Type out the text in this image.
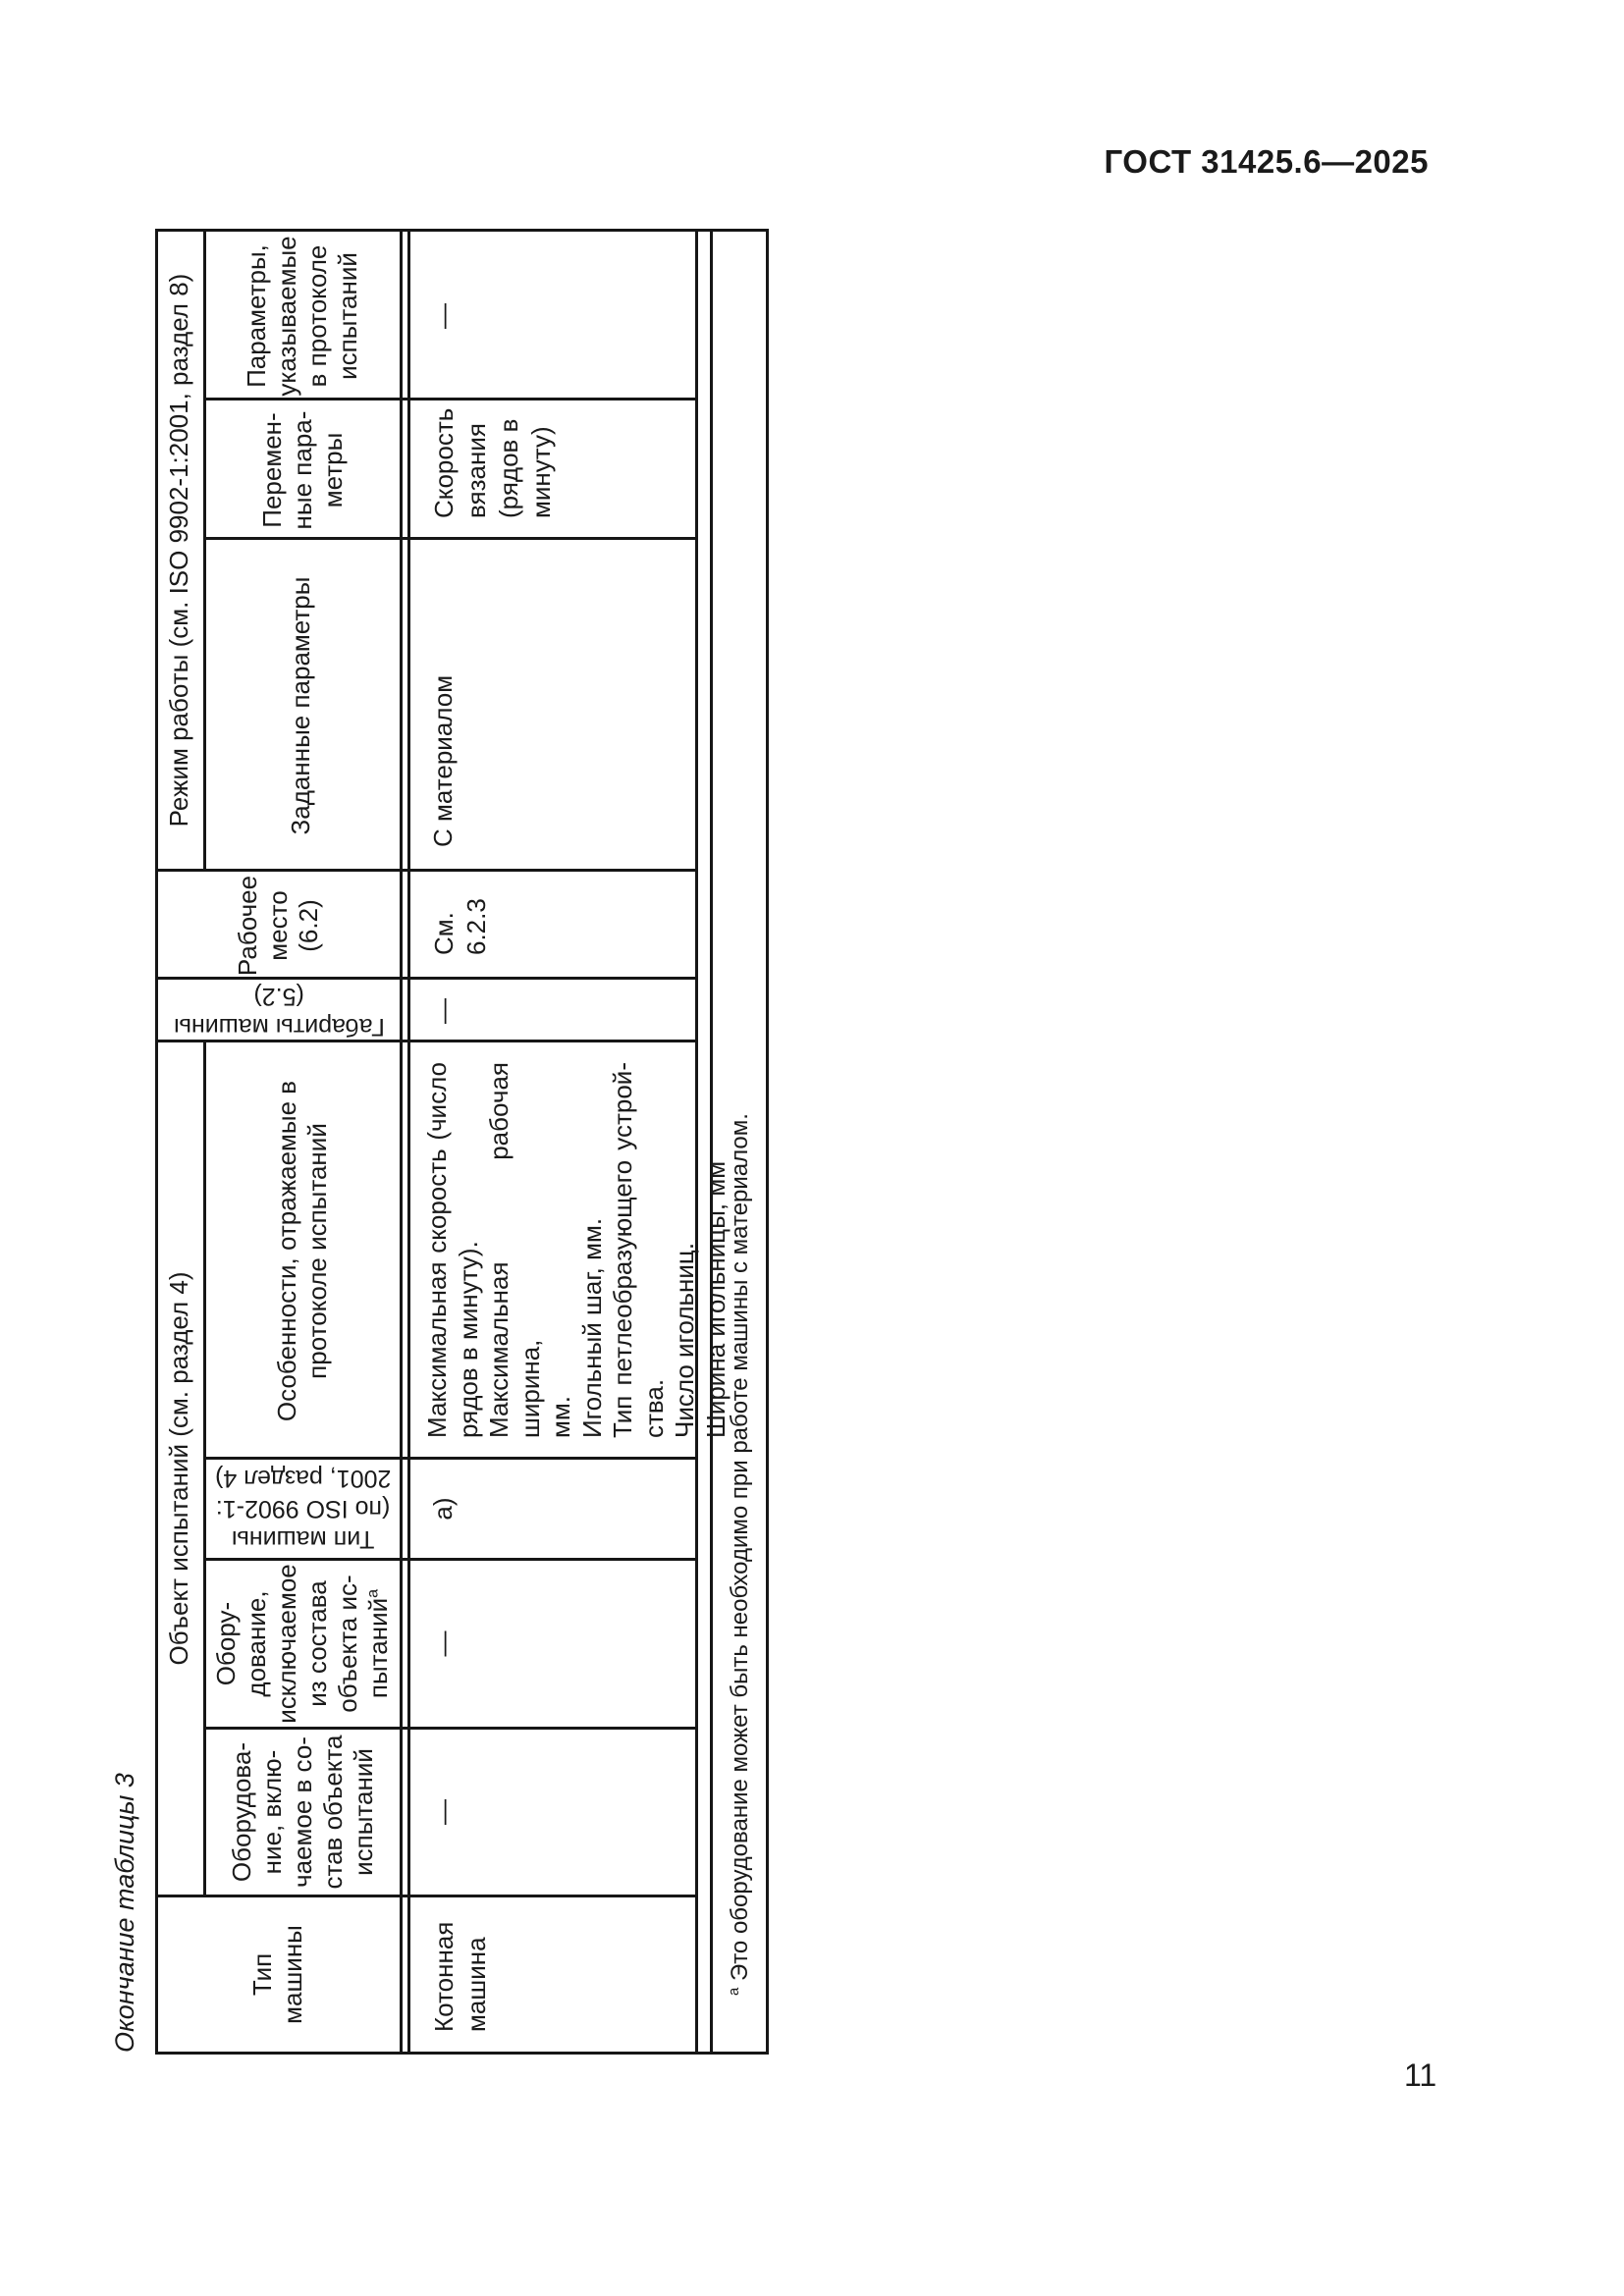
ГОСТ 31425.6—2025
11
Окончание таблицы 3
Объект испытаний (см. раздел 4)
Режим работы (см. ISO 9902-1:2001, раздел 8)
Тип машины
Оборудова- ние, вклю- чаемое в со- став объекта испытаний
Обору- дование, исключаемое из состава объекта ис- пытаний$^а$
Тип машины
(по ISO 9902-1:
2001, раздел 4)
Особенности, отражаемые в протоколе испытаний
Габариты машины
(5.2)
Рабочее место (6.2)
Заданные параметры
Перемен- ные пара- метры
Параметры, указываемые в протоколе испытаний
Котонная машина
—
—
а)
Максимальная скорость (число рядов в минуту). Максимальная рабочая ширина, мм. Игольный шаг, мм. Тип петлеобразующего устрой- ства. Число игольниц. Ширина игольницы, мм
—
См. 6.2.3
С материалом
Скорость вязания (рядов в минуту)
—
$^а$ Это оборудование может быть необходимо при работе машины с материалом.
